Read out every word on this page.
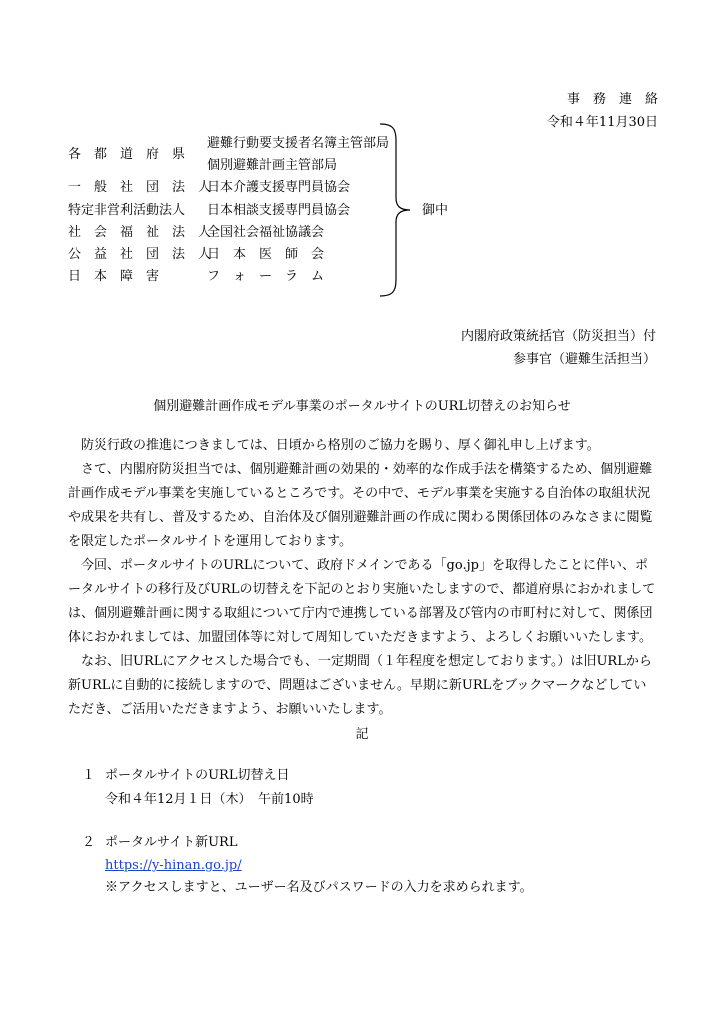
事　務　連　絡
令和４年11月30日
各　都　道　府　県
避難行動要支援者名簿主管部局
個別避難計画主管部局
一　般　社　団　法　人
日本介護支援専門員協会
特定非営利活動法人 日本相談支援専門員協会
社　会　福　祉　法　人
全国社会福祉協議会
公　益　社　団　法　人
日　本　医　師　会
日　本　障　害	フ　ォ　ー　ラ　ム
御中
内閣府政策統括官（防災担当）付
参事官（避難生活担当）
個別避難計画作成モデル事業のポータルサイトのURL切替えのお知らせ

防災行政の推進につきましては、日頃から格別のご協力を賜り、厚く御礼申し上げます。

さて、内閣府防災担当では、個別避難計画の効果的・効率的な作成手法を構築するため、個別避難計画作成モデル事業を実施しているところです。その中で、モデル事業を実施する自治体の取組状況や成果を共有し、普及するため、自治体及び個別避難計画の作成に関わる関係団体のみなさまに閲覧を限定したポータルサイトを運用しております。

今回、ポータルサイトのURLについて、政府ドメインである「go.jp」を取得したことに伴い、ポータルサイトの移行及びURLの切替えを下記のとおり実施いたしますので、都道府県におかれましては、個別避難計画に関する取組について庁内で連携している部署及び管内の市町村に対して、関係団体におかれましては、加盟団体等に対して周知していただきますよう、よろしくお願いいたします。

なお、旧URLにアクセスした場合でも、一定期間（１年程度を想定しております。）は旧URLから新URLに自動的に接続しますので、問題はございません。早期に新URLをブックマークなどしていただき、ご活用いただきますよう、お願いいたします。

記
１ ポータルサイトのURL切替え日
令和４年12月１日（木）　午前10時
２ ポータルサイト新URL
https://y-hinan.go.jp/
※アクセスしますと、ユーザー名及びパスワードの入力を求められます。
